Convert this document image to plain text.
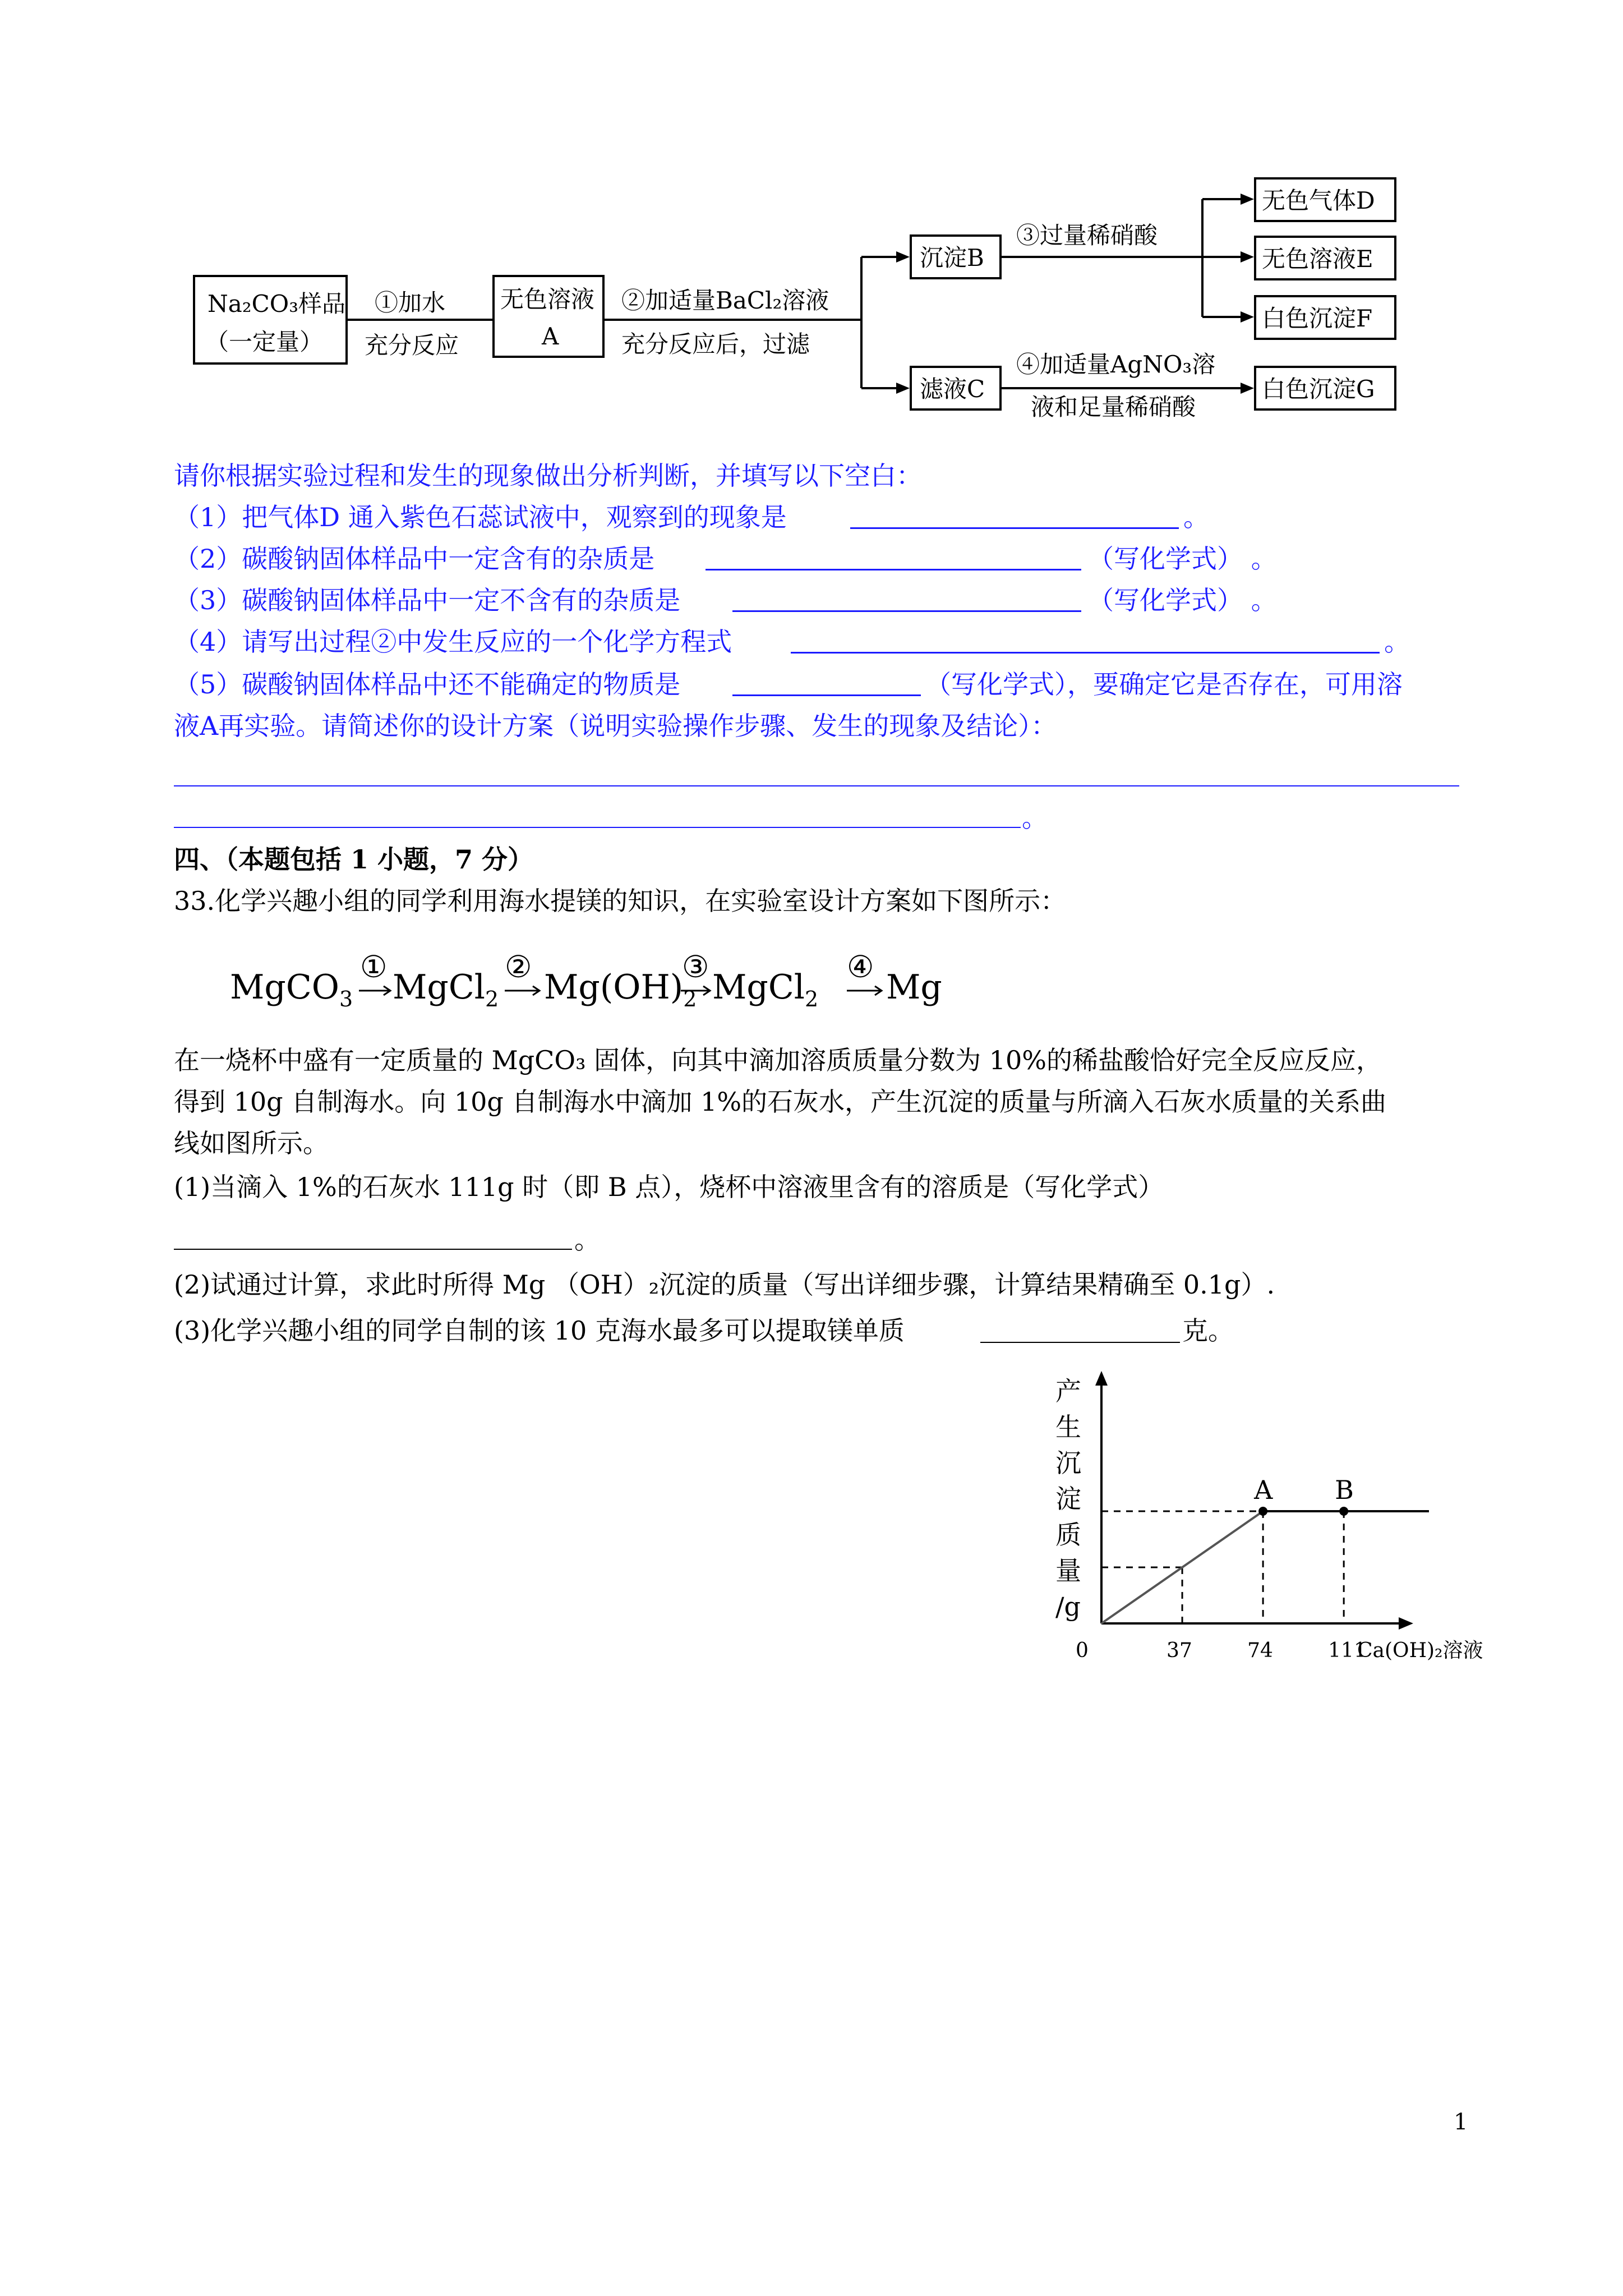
Na₂CO₃样品
（一定量）
①加水
充分反应
无色溶液
A
②加适量BaCl₂溶液
充分反应后，过滤
沉淀B
滤液C
③过量稀硝酸
④加适量AgNO₃溶
液和足量稀硝酸
无色气体D
无色溶液E
白色沉淀F
白色沉淀G
请你根据实验过程和发生的现象做出分析判断，并填写以下空白：
（1）把气体D 通入紫色石蕊试液中，观察到的现象是	。
（2）碳酸钠固体样品中一定含有的杂质是	（写化学式） 。
（3）碳酸钠固体样品中一定不含有的杂质是	（写化学式） 。
（4）请写出过程②中发生反应的一个化学方程式	。
（5）碳酸钠固体样品中还不能确定的物质是	（写化学式），要确定它是否存在，可用溶
液A再实验。请简述你的设计方案（说明实验操作步骤、发生的现象及结论）：
。
四、（本题包括 1 小题，7 分）
33.化学兴趣小组的同学利用海水提镁的知识，在实验室设计方案如下图所示：
MgCO$_3$
①
MgCl$_2$
②
$Mg(OH)_2$
③
MgCl$_2$
④
Mg
在一烧杯中盛有一定质量的 MgCO₃ 固体，向其中滴加溶质质量分数为 10%的稀盐酸恰好完全反应反应，
得到 10g 自制海水。向 10g 自制海水中滴加 1%的石灰水，产生沉淀的质量与所滴入石灰水质量的关系曲
线如图所示。
(1)当滴入 1%的石灰水 111g 时（即 B 点），烧杯中溶液里含有的溶质是（写化学式）
。
(2)试通过计算，求此时所得 Mg （OH）₂沉淀的质量（写出详细步骤，计算结果精确至 0.1g）.
(3)化学兴趣小组的同学自制的该 10 克海水最多可以提取镁单质	克。
产
生
沉
淀
质
量
/g
A B
0	37	74	111
Ca(OH)₂溶液
1
